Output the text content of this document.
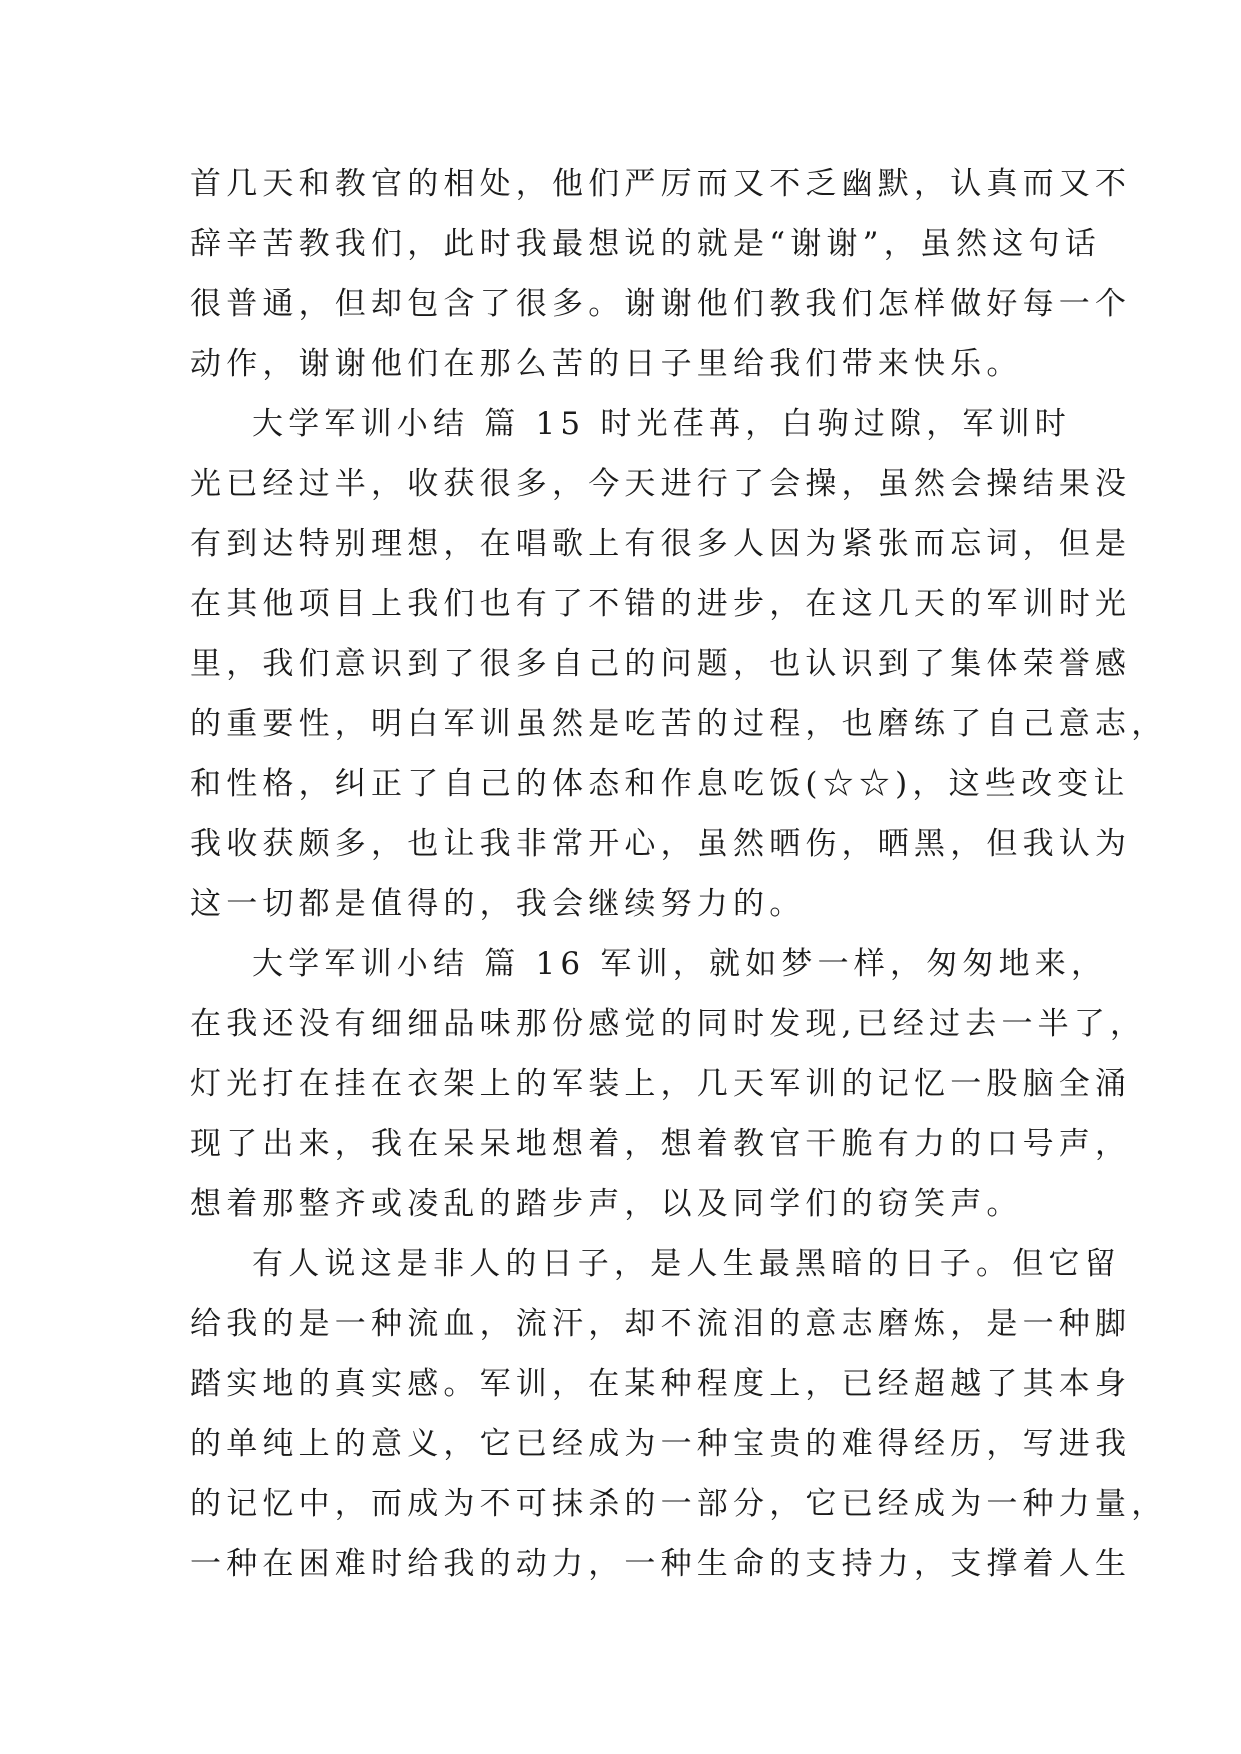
首几天和教官的相处，他们严厉而又不乏幽默，认真而又不
辞辛苦教我们，此时我最想说的就是“谢谢”，虽然这句话
很普通，但却包含了很多。谢谢他们教我们怎样做好每一个
动作，谢谢他们在那么苦的日子里给我们带来快乐。
大学军训小结 篇 15 时光荏苒，白驹过隙，军训时
光已经过半，收获很多，今天进行了会操，虽然会操结果没
有到达特别理想，在唱歌上有很多人因为紧张而忘词，但是
在其他项目上我们也有了不错的进步，在这几天的军训时光
里，我们意识到了很多自己的问题，也认识到了集体荣誉感
的重要性，明白军训虽然是吃苦的过程，也磨练了自己意志，
和性格，纠正了自己的体态和作息吃饭(☆☆)，这些改变让
我收获颇多，也让我非常开心，虽然晒伤，晒黑，但我认为
这一切都是值得的，我会继续努力的。
大学军训小结 篇 16 军训，就如梦一样，匆匆地来，
在我还没有细细品味那份感觉的同时发现,已经过去一半了，
灯光打在挂在衣架上的军装上，几天军训的记忆一股脑全涌
现了出来，我在呆呆地想着，想着教官干脆有力的口号声，
想着那整齐或凌乱的踏步声，以及同学们的窃笑声。
有人说这是非人的日子，是人生最黑暗的日子。但它留
给我的是一种流血，流汗，却不流泪的意志磨炼，是一种脚
踏实地的真实感。军训，在某种程度上，已经超越了其本身
的单纯上的意义，它已经成为一种宝贵的难得经历，写进我
的记忆中，而成为不可抹杀的一部分，它已经成为一种力量，
一种在困难时给我的动力，一种生命的支持力，支撑着人生
